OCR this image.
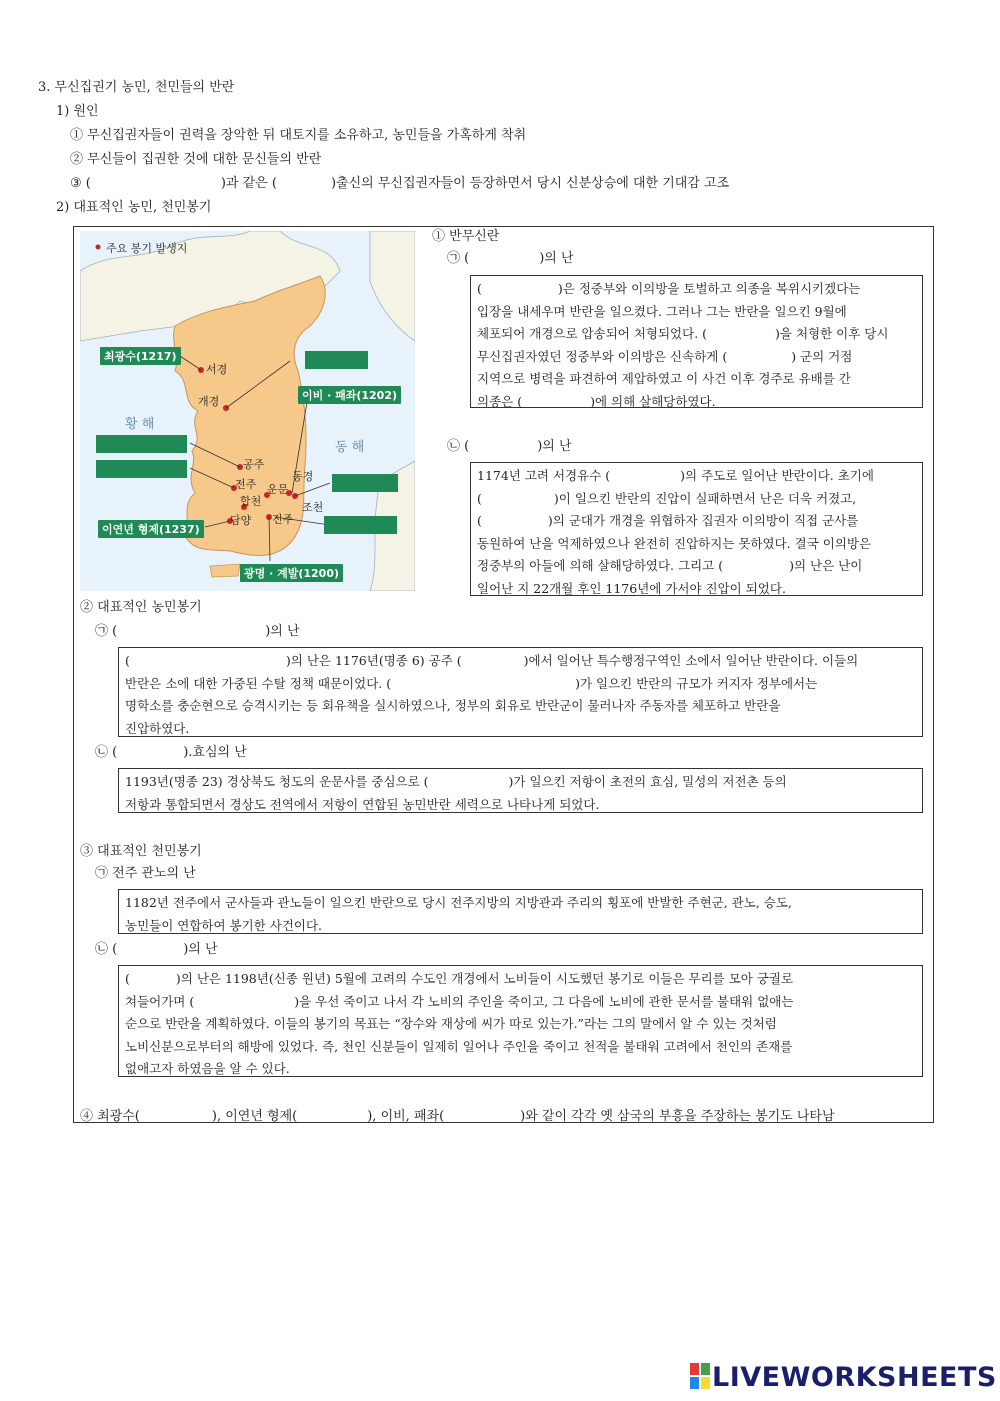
3. 무신집권기 농민, 천민들의 반란
1) 원인
① 무신집권자들이 권력을 장악한 뒤 대토지를 소유하고, 농민들을 가혹하게 착취
② 무신들이 집권한 것에 대한 문신들의 반란
③ (	)과 같은 (	)출신의 무신집권자들이 등장하면서 당시 신분상승에 대한 기대감 고조
2) 대표적인 농민, 천민봉기
주요 봉기 발생지
황 해
동 해
서경
개경
공주
전주 운문
동경
합천
담양 진주
조천
최광수(1217)
이비 · 패좌(1202)
이연년 형제(1237)
광명 · 계발(1200)
① 반무신란
㉠ (	)의 난

(	)은 정중부와 이의방을 토벌하고 의종을 복위시키겠다는

입장을 내세우며 반란을 일으켰다. 그러나 그는 반란을 일으킨 9월에

체포되어 개경으로 압송되어 처형되었다. (	)을 처형한 이후 당시

무신집권자였던 정중부와 이의방은 신속하게 (	) 군의 거점

지역으로 병력을 파견하여 제압하였고 이 사건 이후 경주로 유배를 간

의종은 (	)에 의해 살해당하였다.

㉡ (	)의 난

1174년 고려 서경유수 (	)의 주도로 일어난 반란이다. 초기에

(	)이 일으킨 반란의 진압이 실패하면서 난은 더욱 커졌고,

(	)의 군대가 개경을 위협하자 집권자 이의방이 직접 군사를

동원하여 난을 억제하였으나 완전히 진압하지는 못하였다. 결국 이의방은

정중부의 아들에 의해 살해당하였다. 그리고 (	)의 난은 난이

일어난 지 22개월 후인 1176년에 가서야 진압이 되었다.

② 대표적인 농민봉기
㉠ (	)의 난

(	)의 난은 1176년(명종 6) 공주 (	)에서 일어난 특수행정구역인 소에서 일어난 반란이다. 이들의

반란은 소에 대한 가중된 수탈 정책 때문이었다. (	)가 일으킨 반란의 규모가 커지자 정부에서는

명학소를 충순현으로 승격시키는 등 회유책을 실시하였으나, 정부의 회유로 반란군이 물러나자 주동자를 체포하고 반란을

진압하였다.

㉡ (	).효심의 난

1193년(명종 23) 경상북도 청도의 운문사를 중심으로 (	)가 일으킨 저항이 초전의 효심, 밀성의 저전촌 등의

저항과 통합되면서 경상도 전역에서 저항이 연합된 농민반란 세력으로 나타나게 되었다.

③ 대표적인 천민봉기
㉠ 전주 관노의 난

1182년 전주에서 군사들과 관노들이 일으킨 반란으로 당시 전주지방의 지방관과 주리의 횡포에 반발한 주현군, 관노, 승도,

농민들이 연합하여 봉기한 사건이다.

㉡ (	)의 난

(	)의 난은 1198년(신종 원년) 5월에 고려의 수도인 개경에서 노비들이 시도했던 봉기로 이들은 무리를 모아 궁궐로

쳐들어가며 (	)을 우선 죽이고 나서 각 노비의 주인을 죽이고, 그 다음에 노비에 관한 문서를 불태워 없애는

순으로 반란을 계획하였다. 이들의 봉기의 목표는 “장수와 재상에 씨가 따로 있는가.”라는 그의 말에서 알 수 있는 것처럼

노비신분으로부터의 해방에 있었다. 즉, 천인 신분들이 일제히 일어나 주인을 죽이고 천적을 불태워 고려에서 천인의 존재를

없애고자 하였음을 알 수 있다.

④ 최광수(	), 이연년 형제(	), 이비, 패좌(	)와 같이 각각 옛 삼국의 부흥을 주장하는 봉기도 나타남
LIVEWORKSHEETS
